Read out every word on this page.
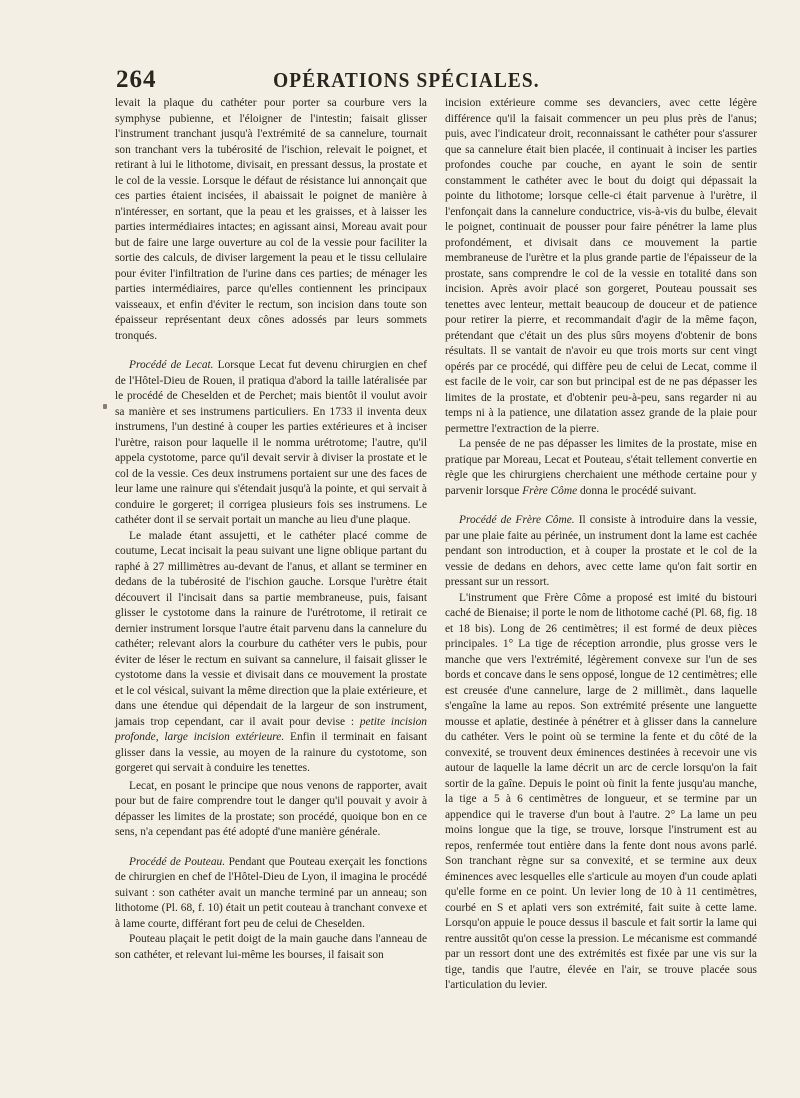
264	OPÉRATIONS SPÉCIALES.

levait la plaque du cathéter pour porter sa courbure vers la symphyse pubienne, et l'éloigner de l'intestin; faisait glisser l'instrument tranchant jusqu'à l'extrémité de sa cannelure, tournait son tranchant vers la tubérosité de l'ischion, relevait le poignet, et retirant à lui le lithotome, divisait, en pressant dessus, la prostate et le col de la vessie. Lorsque le défaut de résistance lui annonçait que ces parties étaient incisées, il abaissait le poignet de manière à n'intéresser, en sortant, que la peau et les graisses, et à laisser les parties intermédiaires intactes; en agissant ainsi, Moreau avait pour but de faire une large ouverture au col de la vessie pour faciliter la sortie des calculs, de diviser largement la peau et le tissu cellulaire pour éviter l'infiltration de l'urine dans ces parties; de ménager les parties intermédiaires, parce qu'elles contiennent les principaux vaisseaux, et enfin d'éviter le rectum, son incision dans toute son épaisseur représentant deux cônes adossés par leurs sommets tronqués.

Procédé de Lecat. Lorsque Lecat fut devenu chirurgien en chef de l'Hôtel-Dieu de Rouen, il pratiqua d'abord la taille latéralisée par le procédé de Cheselden et de Perchet; mais bientôt il voulut avoir sa manière et ses instrumens particuliers. En 1733 il inventa deux instrumens, l'un destiné à couper les parties extérieures et à inciser l'urètre, raison pour laquelle il le nomma urétrotome; l'autre, qu'il appela cystotome, parce qu'il devait servir à diviser la prostate et le col de la vessie. Ces deux instrumens portaient sur une des faces de leur lame une rainure qui s'étendait jusqu'à la pointe, et qui servait à conduire le gorgeret; il corrigea plusieurs fois ses instrumens. Le cathéter dont il se servait portait un manche au lieu d'une plaque.

Le malade étant assujetti, et le cathéter placé comme de coutume, Lecat incisait la peau suivant une ligne oblique partant du raphé à 27 millimètres au-devant de l'anus, et allant se terminer en dedans de la tubérosité de l'ischion gauche. Lorsque l'urètre était découvert il l'incisait dans sa partie membraneuse, puis, faisant glisser le cystotome dans la rainure de l'urétrotome, il retirait ce dernier instrument lorsque l'autre était parvenu dans la cannelure du cathéter; relevant alors la courbure du cathéter vers le pubis, pour éviter de léser le rectum en suivant sa cannelure, il faisait glisser le cystotome dans la vessie et divisait dans ce mouvement la prostate et le col vésical, suivant la même direction que la plaie extérieure, et dans une étendue qui dépendait de la largeur de son instrument, jamais trop cependant, car il avait pour devise : petite incision profonde, large incision extérieure. Enfin il terminait en faisant glisser dans la vessie, au moyen de la rainure du cystotome, son gorgeret qui servait à conduire les tenettes.

Lecat, en posant le principe que nous venons de rapporter, avait pour but de faire comprendre tout le danger qu'il pouvait y avoir à dépasser les limites de la prostate; son procédé, quoique bon en ce sens, n'a cependant pas été adopté d'une manière générale.

Procédé de Pouteau. Pendant que Pouteau exerçait les fonctions de chirurgien en chef de l'Hôtel-Dieu de Lyon, il imagina le procédé suivant : son cathéter avait un manche terminé par un anneau; son lithotome (Pl. 68, f. 10) était un petit couteau à tranchant convexe et à lame courte, différant fort peu de celui de Cheselden.

Pouteau plaçait le petit doigt de la main gauche dans l'anneau de son cathéter, et relevant lui-même les bourses, il faisait son

incision extérieure comme ses devanciers, avec cette légère différence qu'il la faisait commencer un peu plus près de l'anus; puis, avec l'indicateur droit, reconnaissant le cathéter pour s'assurer que sa cannelure était bien placée, il continuait à inciser les parties profondes couche par couche, en ayant le soin de sentir constamment le cathéter avec le bout du doigt qui dépassait la pointe du lithotome; lorsque celle-ci était parvenue à l'urètre, il l'enfonçait dans la cannelure conductrice, vis-à-vis du bulbe, élevait le poignet, continuait de pousser pour faire pénétrer la lame plus profondément, et divisait dans ce mouvement la partie membraneuse de l'urètre et la plus grande partie de l'épaisseur de la prostate, sans comprendre le col de la vessie en totalité dans son incision. Après avoir placé son gorgeret, Pouteau poussait ses tenettes avec lenteur, mettait beaucoup de douceur et de patience pour retirer la pierre, et recommandait d'agir de la même façon, prétendant que c'était un des plus sûrs moyens d'obtenir de bons résultats. Il se vantait de n'avoir eu que trois morts sur cent vingt opérés par ce procédé, qui diffère peu de celui de Lecat, comme il est facile de le voir, car son but principal est de ne pas dépasser les limites de la prostate, et d'obtenir peu-à-peu, sans regarder ni au temps ni à la patience, une dilatation assez grande de la plaie pour permettre l'extraction de la pierre.

La pensée de ne pas dépasser les limites de la prostate, mise en pratique par Moreau, Lecat et Pouteau, s'était tellement convertie en règle que les chirurgiens cherchaient une méthode certaine pour y parvenir lorsque Frère Côme donna le procédé suivant.

Procédé de Frère Côme. Il consiste à introduire dans la vessie, par une plaie faite au périnée, un instrument dont la lame est cachée pendant son introduction, et à couper la prostate et le col de la vessie de dedans en dehors, avec cette lame qu'on fait sortir en pressant sur un ressort.

L'instrument que Frère Côme a proposé est imité du bistouri caché de Bienaise; il porte le nom de lithotome caché (Pl. 68, fig. 18 et 18 bis). Long de 26 centimètres; il est formé de deux pièces principales. 1° La tige de réception arrondie, plus grosse vers le manche que vers l'extrémité, légèrement convexe sur l'un de ses bords et concave dans le sens opposé, longue de 12 centimètres; elle est creusée d'une cannelure, large de 2 millimèt., dans laquelle s'engaîne la lame au repos. Son extrémité présente une languette mousse et aplatie, destinée à pénétrer et à glisser dans la cannelure du cathéter. Vers le point où se termine la fente et du côté de la convexité, se trouvent deux éminences destinées à recevoir une vis autour de laquelle la lame décrit un arc de cercle lorsqu'on la fait sortir de la gaîne. Depuis le point où finit la fente jusqu'au manche, la tige a 5 à 6 centimètres de longueur, et se termine par un appendice qui le traverse d'un bout à l'autre. 2° La lame un peu moins longue que la tige, se trouve, lorsque l'instrument est au repos, renfermée tout entière dans la fente dont nous avons parlé. Son tranchant règne sur sa convexité, et se termine aux deux éminences avec lesquelles elle s'articule au moyen d'un coude aplati qu'elle forme en ce point. Un levier long de 10 à 11 centimètres, courbé en S et aplati vers son extrémité, fait suite à cette lame. Lorsqu'on appuie le pouce dessus il bascule et fait sortir la lame qui rentre aussitôt qu'on cesse la pression. Le mécanisme est commandé par un ressort dont une des extrémités est fixée par une vis sur la tige, tandis que l'autre, élevée en l'air, se trouve placée sous l'articulation du levier.
